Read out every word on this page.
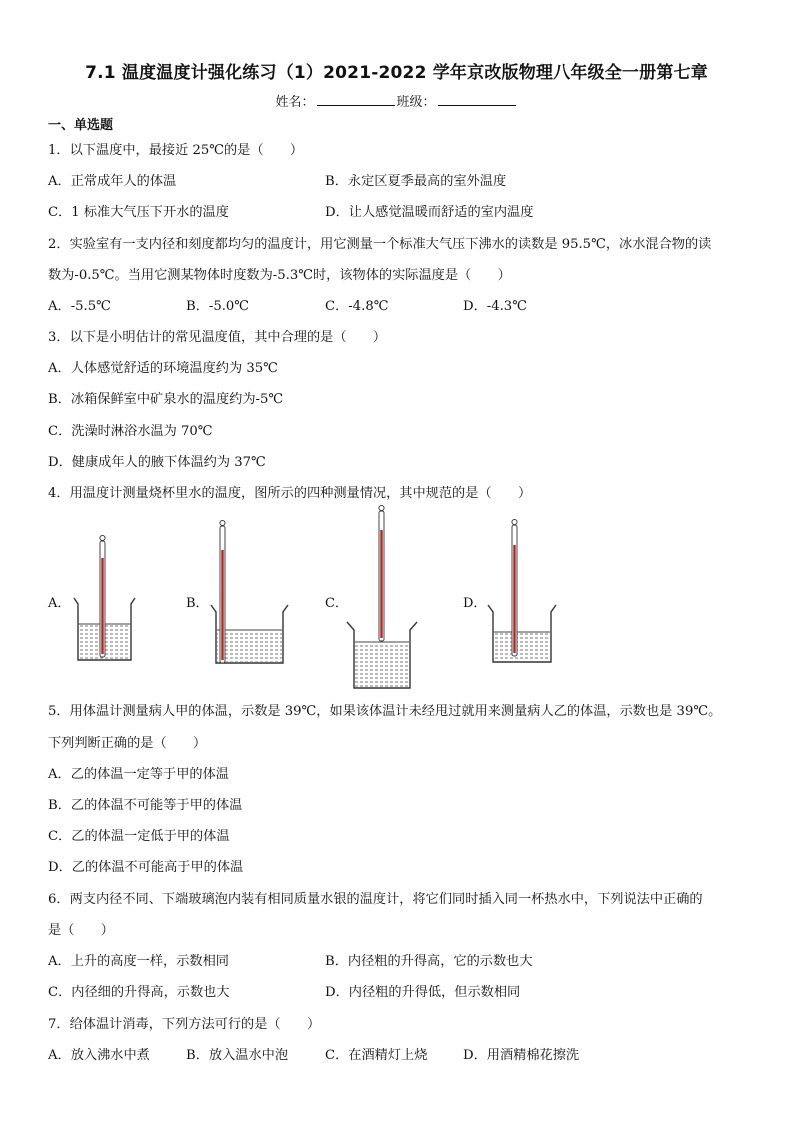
7.1 温度温度计强化练习（1）2021-2022 学年京改版物理八年级全一册第七章
姓名：	班级：
一、单选题
1．以下温度中，最接近 25℃的是（　　）
A．正常成年人的体温	B．永定区夏季最高的室外温度
C．1 标准大气压下开水的温度	D．让人感觉温暖而舒适的室内温度
2．实验室有一支内径和刻度都均匀的温度计，用它测量一个标准大气压下沸水的读数是 95.5℃，冰水混合物的读
数为-0.5℃。当用它测某物体时度数为-5.3℃时，该物体的实际温度是（　　）
A．-5.5℃	B．-5.0℃	C．-4.8℃	D．-4.3℃
3．以下是小明估计的常见温度值，其中合理的是（　　）
A．人体感觉舒适的环境温度约为 35℃
B．冰箱保鲜室中矿泉水的温度约为-5℃
C．洗澡时淋浴水温为 70℃
D．健康成年人的腋下体温约为 37℃
4．用温度计测量烧杯里水的温度，图所示的四种测量情况，其中规范的是（　　）
A．	B．	C．	D．
5．用体温计测量病人甲的体温，示数是 39℃，如果该体温计未经甩过就用来测量病人乙的体温，示数也是 39℃。
下列判断正确的是（　　）
A．乙的体温一定等于甲的体温
B．乙的体温不可能等于甲的体温
C．乙的体温一定低于甲的体温
D．乙的体温不可能高于甲的体温
6．两支内径不同、下端玻璃泡内装有相同质量水银的温度计，将它们同时插入同一杯热水中，下列说法中正确的
是（　　）
A．上升的高度一样，示数相同	B．内径粗的升得高，它的示数也大
C．内径细的升得高，示数也大	D．内径粗的升得低，但示数相同
7．给体温计消毒，下列方法可行的是（　　）
A．放入沸水中煮	B．放入温水中泡	C．在酒精灯上烧	D．用酒精棉花擦洗
